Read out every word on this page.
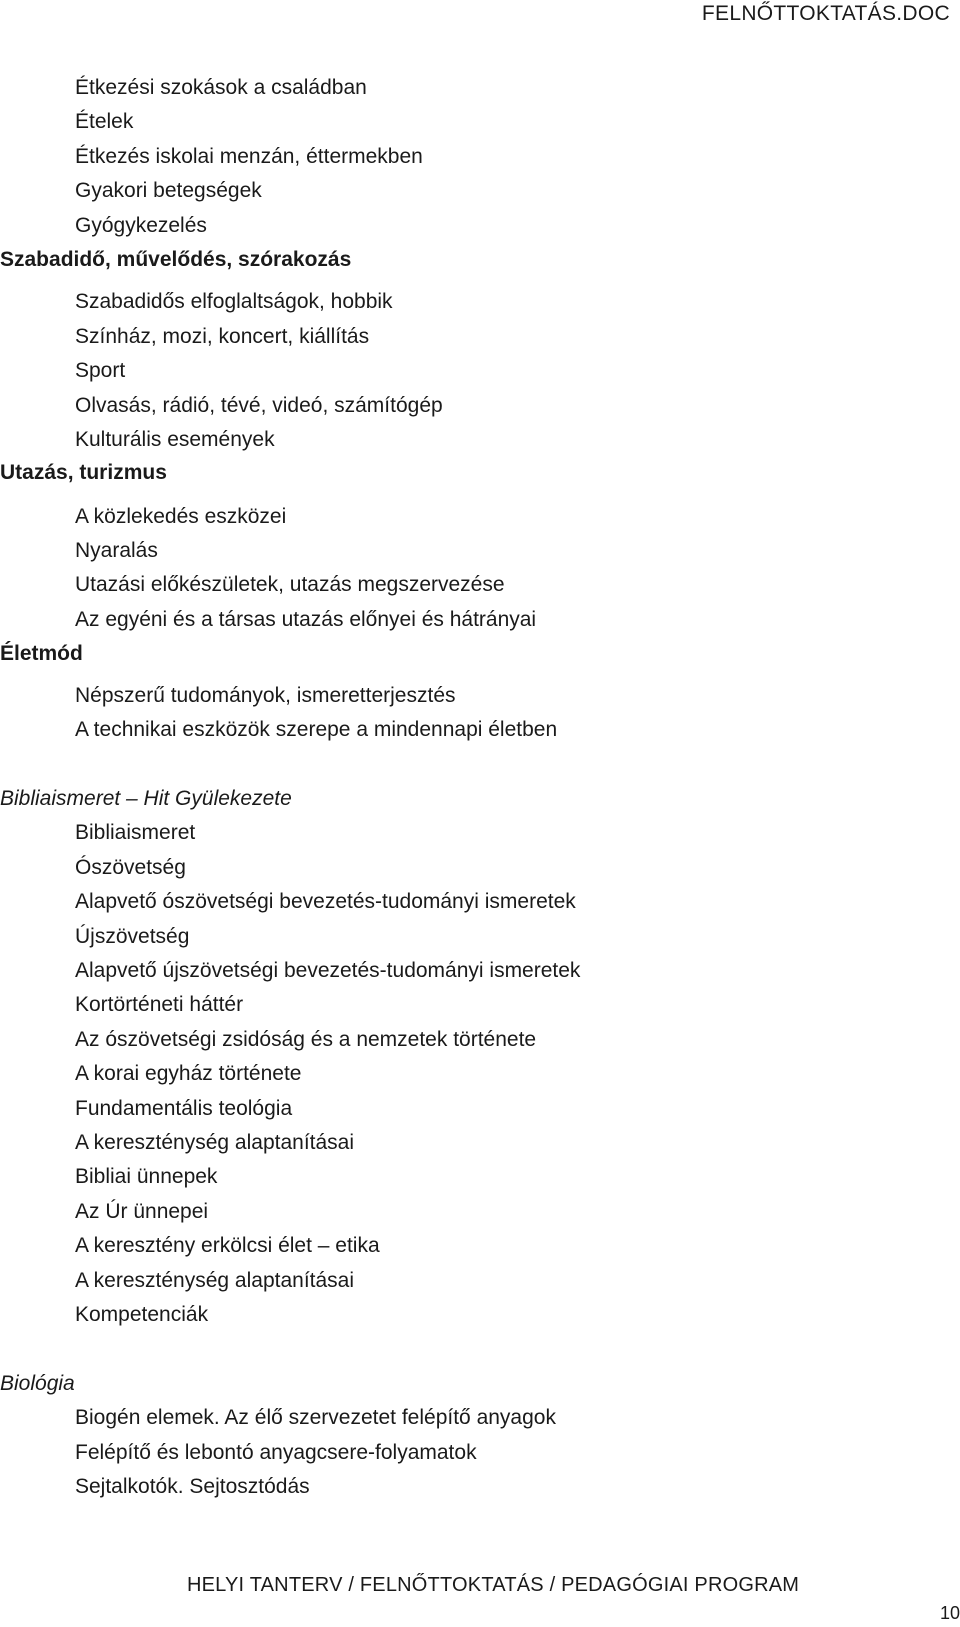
FELNŐTTOKTATÁS.DOC
Étkezési szokások a családban
Ételek
Étkezés iskolai menzán, éttermekben
Gyakori betegségek
Gyógykezelés
Szabadidő, művelődés, szórakozás
Szabadidős elfoglaltságok, hobbik
Színház, mozi, koncert, kiállítás
Sport
Olvasás, rádió, tévé, videó, számítógép
Kulturális események
Utazás, turizmus
A közlekedés eszközei
Nyaralás
Utazási előkészületek, utazás megszervezése
Az egyéni és a társas utazás előnyei és hátrányai
Életmód
Népszerű tudományok, ismeretterjesztés
A technikai eszközök szerepe a mindennapi életben
Bibliaismeret – Hit Gyülekezete
Bibliaismeret
Ószövetség
Alapvető ószövetségi bevezetés-tudományi ismeretek
Újszövetség
Alapvető újszövetségi bevezetés-tudományi ismeretek
Kortörténeti háttér
Az ószövetségi zsidóság és a nemzetek története
A korai egyház története
Fundamentális teológia
A kereszténység alaptanításai
Bibliai ünnepek
Az Úr ünnepei
A keresztény erkölcsi élet – etika
A kereszténység alaptanításai
Kompetenciák
Biológia
Biogén elemek. Az élő szervezetet felépítő anyagok
Felépítő és lebontó anyagcsere-folyamatok
Sejtalkotók. Sejtosztódás
HELYI TANTERV / FELNŐTTOKTATÁS / PEDAGÓGIAI PROGRAM
10
